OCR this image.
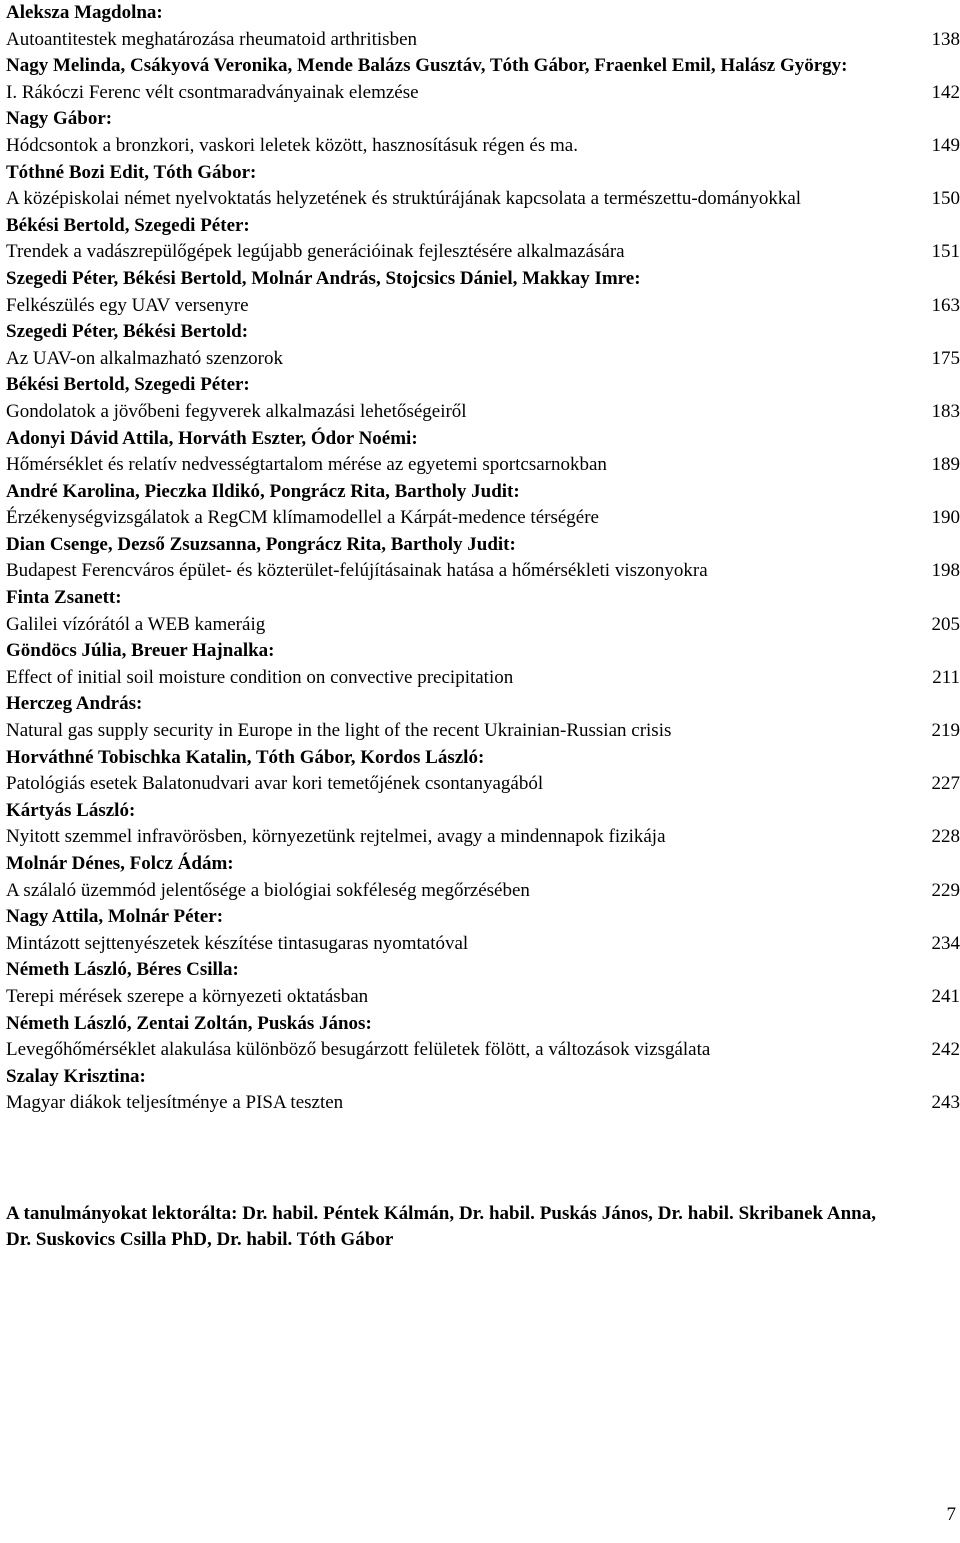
Aleksza Magdolna:
Autoantitestek meghatározása rheumatoid arthritisben	138
Nagy Melinda, Csákyová Veronika, Mende Balázs Gusztáv, Tóth Gábor, Fraenkel Emil, Halász György:
I. Rákóczi Ferenc vélt csontmaradványainak elemzése	142
Nagy Gábor:
Hódcsontok a bronzkori, vaskori leletek között, hasznosításuk régen és ma.	149
Tóthné Bozi Edit, Tóth Gábor:
A középiskolai német nyelvoktatás helyzetének és struktúrájának kapcsolata a természettu-dományokkal	150
Békési Bertold, Szegedi Péter:
Trendek a vadászrepülőgépek legújabb generációinak fejlesztésére alkalmazására	151
Szegedi Péter, Békési Bertold, Molnár András, Stojcsics Dániel, Makkay Imre:
Felkészülés egy UAV versenyre	163
Szegedi Péter, Békési Bertold:
Az UAV-on alkalmazható szenzorok	175
Békési Bertold, Szegedi Péter:
Gondolatok a jövőbeni fegyverek alkalmazási lehetőségeiről	183
Adonyi Dávid Attila, Horváth Eszter, Ódor Noémi:
Hőmérséklet és relatív nedvességtartalom mérése az egyetemi sportcsarnokban	189
André Karolina, Pieczka Ildikó, Pongrácz Rita, Bartholy Judit:
Érzékenységvizsgálatok a RegCM klímamodellel a Kárpát-medence térségére	190
Dian Csenge, Dezső Zsuzsanna, Pongrácz Rita, Bartholy Judit:
Budapest Ferencváros épület- és közterület-felújításainak hatása a hőmérsékleti viszonyokra	198
Finta Zsanett:
Galilei vízórától a WEB kameráig	205
Göndöcs Júlia, Breuer Hajnalka:
Effect of initial soil moisture condition on convective precipitation	211
Herczeg András:
Natural gas supply security in Europe in the light of the recent Ukrainian-Russian crisis	219
Horváthné Tobischka Katalin, Tóth Gábor, Kordos László:
Patológiás esetek Balatonudvari avar kori temetőjének csontanyagából	227
Kártyás László:
Nyitott szemmel infravörösben, környezetünk rejtelmei, avagy a mindennapok fizikája	228
Molnár Dénes, Folcz Ádám:
A szálaló üzemmód jelentősége a biológiai sokféleség megőrzésében	229
Nagy Attila, Molnár Péter:
Mintázott sejttenyészetek készítése tintasugaras nyomtatóval	234
Németh László, Béres Csilla:
Terepi mérések szerepe a környezeti oktatásban	241
Németh László, Zentai Zoltán, Puskás János:
Levegőhőmérséklet alakulása különböző besugárzott felületek fölött, a változások vizsgálata	242
Szalay Krisztina:
Magyar diákok teljesítménye a PISA teszten	243
A tanulmányokat lektorálta: Dr. habil. Péntek Kálmán, Dr. habil. Puskás János, Dr. habil. Skribanek Anna, Dr. Suskovics Csilla PhD, Dr. habil. Tóth Gábor
7
